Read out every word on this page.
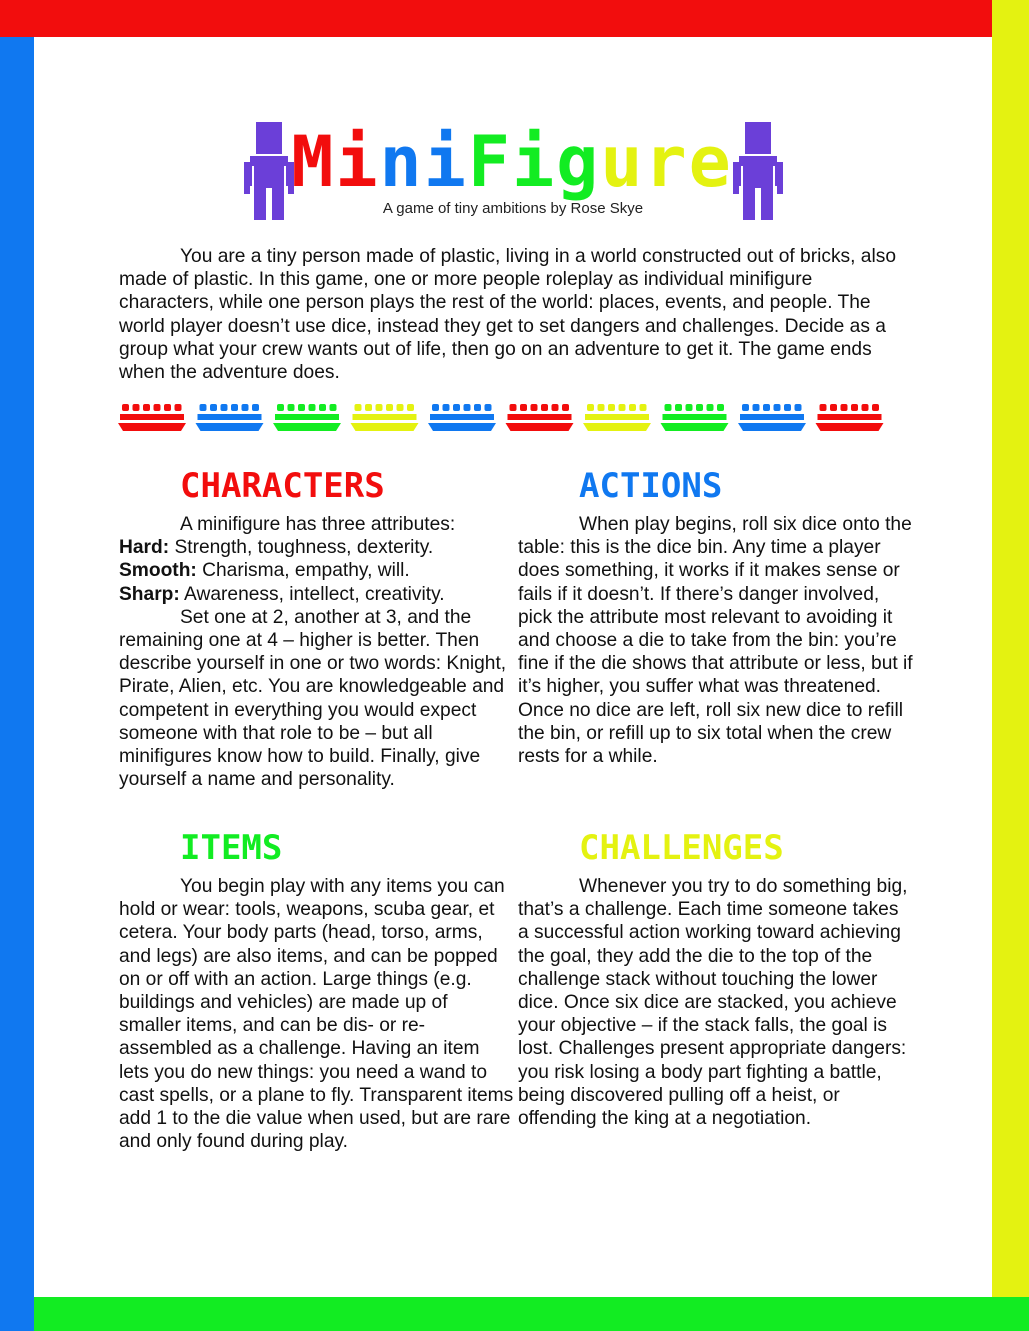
M i n i F i g u r e
A game of tiny ambitions by Rose Skye

You are a tiny person made of plastic, living in a world constructed out of bricks, also made of plastic. In this game, one or more people roleplay as individual minifigure characters, while one person plays the rest of the world: places, events, and people. The world player doesn’t use dice, instead they get to set dangers and challenges. Decide as a group what your crew wants out of life, then go on an adventure to get it. The game ends when the adventure does.

CHARACTERS

A minifigure has three attributes:
Hard: Strength, toughness, dexterity.
Smooth: Charisma, empathy, will.
Sharp: Awareness, intellect, creativity.
Set one at 2, another at 3, and the remaining one at 4 – higher is better. Then describe yourself in one or two words: Knight, Pirate, Alien, etc. You are knowledgeable and competent in everything you would expect someone with that role to be – but all minifigures know how to build. Finally, give yourself a name and personality.

ACTIONS

When play begins, roll six dice onto the table: this is the dice bin. Any time a player does something, it works if it makes sense or fails if it doesn’t. If there’s danger involved, pick the attribute most relevant to avoiding it and choose a die to take from the bin: you’re fine if the die shows that attribute or less, but if it’s higher, you suffer what was threatened. Once no dice are left, roll six new dice to refill the bin, or refill up to six total when the crew rests for a while.

ITEMS

You begin play with any items you can hold or wear: tools, weapons, scuba gear, et cetera. Your body parts (head, torso, arms, and legs) are also items, and can be popped on or off with an action. Large things (e.g. buildings and vehicles) are made up of smaller items, and can be dis- or re-assembled as a challenge. Having an item lets you do new things: you need a wand to cast spells, or a plane to fly. Transparent items add 1 to the die value when used, but are rare and only found during play.

CHALLENGES

Whenever you try to do something big, that’s a challenge. Each time someone takes a successful action working toward achieving the goal, they add the die to the top of the challenge stack without touching the lower dice. Once six dice are stacked, you achieve your objective – if the stack falls, the goal is lost. Challenges present appropriate dangers: you risk losing a body part fighting a battle, being discovered pulling off a heist, or offending the king at a negotiation.
